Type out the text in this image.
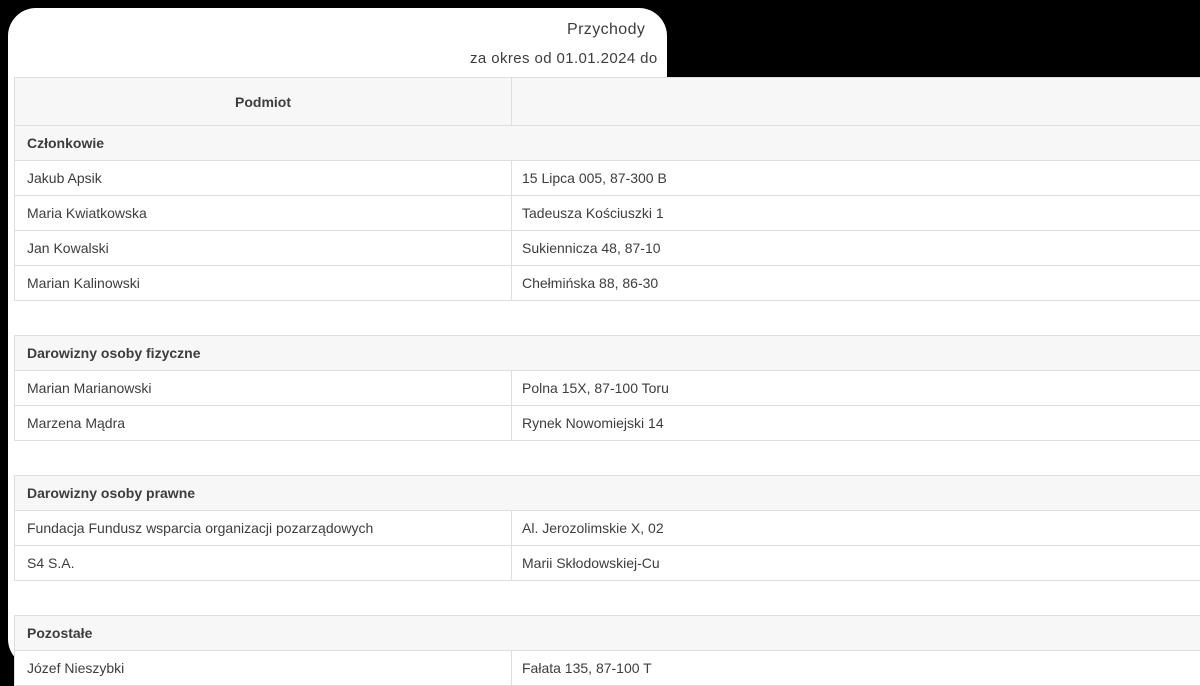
Przychody
za okres od 01.01.2024 do
Podmiot
Członkowie
Jakub Apsik	15 Lipca 005, 87-300 B
Maria Kwiatkowska	Tadeusza Kościuszki 1
Jan Kowalski	Sukiennicza 48, 87-10
Marian Kalinowski	Chełmińska 88, 86-30
Darowizny osoby fizyczne
Marian Marianowski	Polna 15X, 87-100 Toru
Marzena Mądra	Rynek Nowomiejski 14
Darowizny osoby prawne
Fundacja Fundusz wsparcia organizacji pozarządowych	Al. Jerozolimskie X, 02
S4 S.A.	Marii Skłodowskiej-Cu
Pozostałe
Józef Nieszybki	Fałata 135, 87-100 T
